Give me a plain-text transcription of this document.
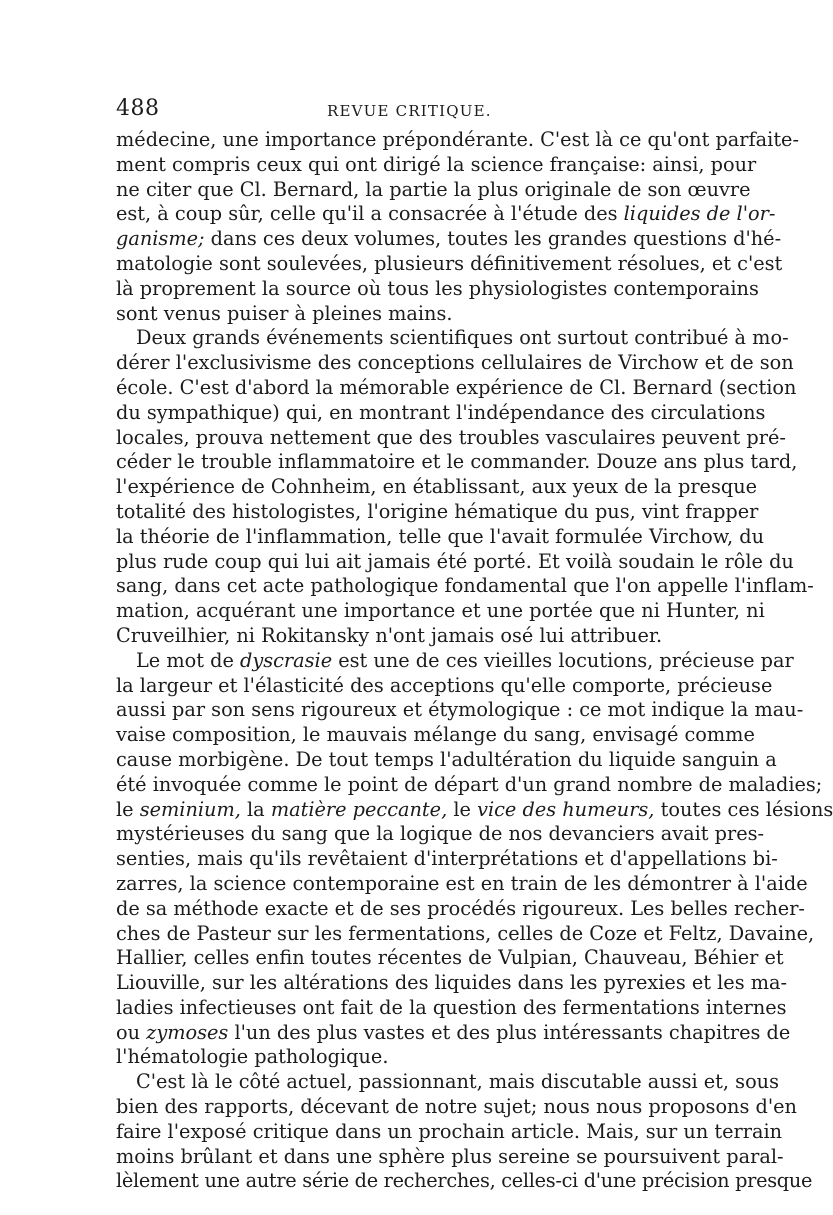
488	REVUE CRITIQUE.
médecine, une importance prépondérante. C'est là ce qu'ont parfaite-
ment compris ceux qui ont dirigé la science française: ainsi, pour
ne citer que Cl. Bernard, la partie la plus originale de son œuvre
est, à coup sûr, celle qu'il a consacrée à l'étude des liquides de l'or-
ganisme; dans ces deux volumes, toutes les grandes questions d'hé-
matologie sont soulevées, plusieurs définitivement résolues, et c'est
là proprement la source où tous les physiologistes contemporains
sont venus puiser à pleines mains.
Deux grands événements scientifiques ont surtout contribué à mo-
dérer l'exclusivisme des conceptions cellulaires de Virchow et de son
école. C'est d'abord la mémorable expérience de Cl. Bernard (section
du sympathique) qui, en montrant l'indépendance des circulations
locales, prouva nettement que des troubles vasculaires peuvent pré-
céder le trouble inflammatoire et le commander. Douze ans plus tard,
l'expérience de Cohnheim, en établissant, aux yeux de la presque
totalité des histologistes, l'origine hématique du pus, vint frapper
la théorie de l'inflammation, telle que l'avait formulée Virchow, du
plus rude coup qui lui ait jamais été porté. Et voilà soudain le rôle du
sang, dans cet acte pathologique fondamental que l'on appelle l'inflam-
mation, acquérant une importance et une portée que ni Hunter, ni
Cruveilhier, ni Rokitansky n'ont jamais osé lui attribuer.
Le mot de dyscrasie est une de ces vieilles locutions, précieuse par
la largeur et l'élasticité des acceptions qu'elle comporte, précieuse
aussi par son sens rigoureux et étymologique : ce mot indique la mau-
vaise composition, le mauvais mélange du sang, envisagé comme
cause morbigène. De tout temps l'adultération du liquide sanguin a
été invoquée comme le point de départ d'un grand nombre de maladies;
le seminium, la matière peccante, le vice des humeurs, toutes ces lésions
mystérieuses du sang que la logique de nos devanciers avait pres-
senties, mais qu'ils revêtaient d'interprétations et d'appellations bi-
zarres, la science contemporaine est en train de les démontrer à l'aide
de sa méthode exacte et de ses procédés rigoureux. Les belles recher-
ches de Pasteur sur les fermentations, celles de Coze et Feltz, Davaine,
Hallier, celles enfin toutes récentes de Vulpian, Chauveau, Béhier et
Liouville, sur les altérations des liquides dans les pyrexies et les ma-
ladies infectieuses ont fait de la question des fermentations internes
ou zymoses l'un des plus vastes et des plus intéressants chapitres de
l'hématologie pathologique.
C'est là le côté actuel, passionnant, mais discutable aussi et, sous
bien des rapports, décevant de notre sujet; nous nous proposons d'en
faire l'exposé critique dans un prochain article. Mais, sur un terrain
moins brûlant et dans une sphère plus sereine se poursuivent paral-
lèlement une autre série de recherches, celles-ci d'une précision presque
